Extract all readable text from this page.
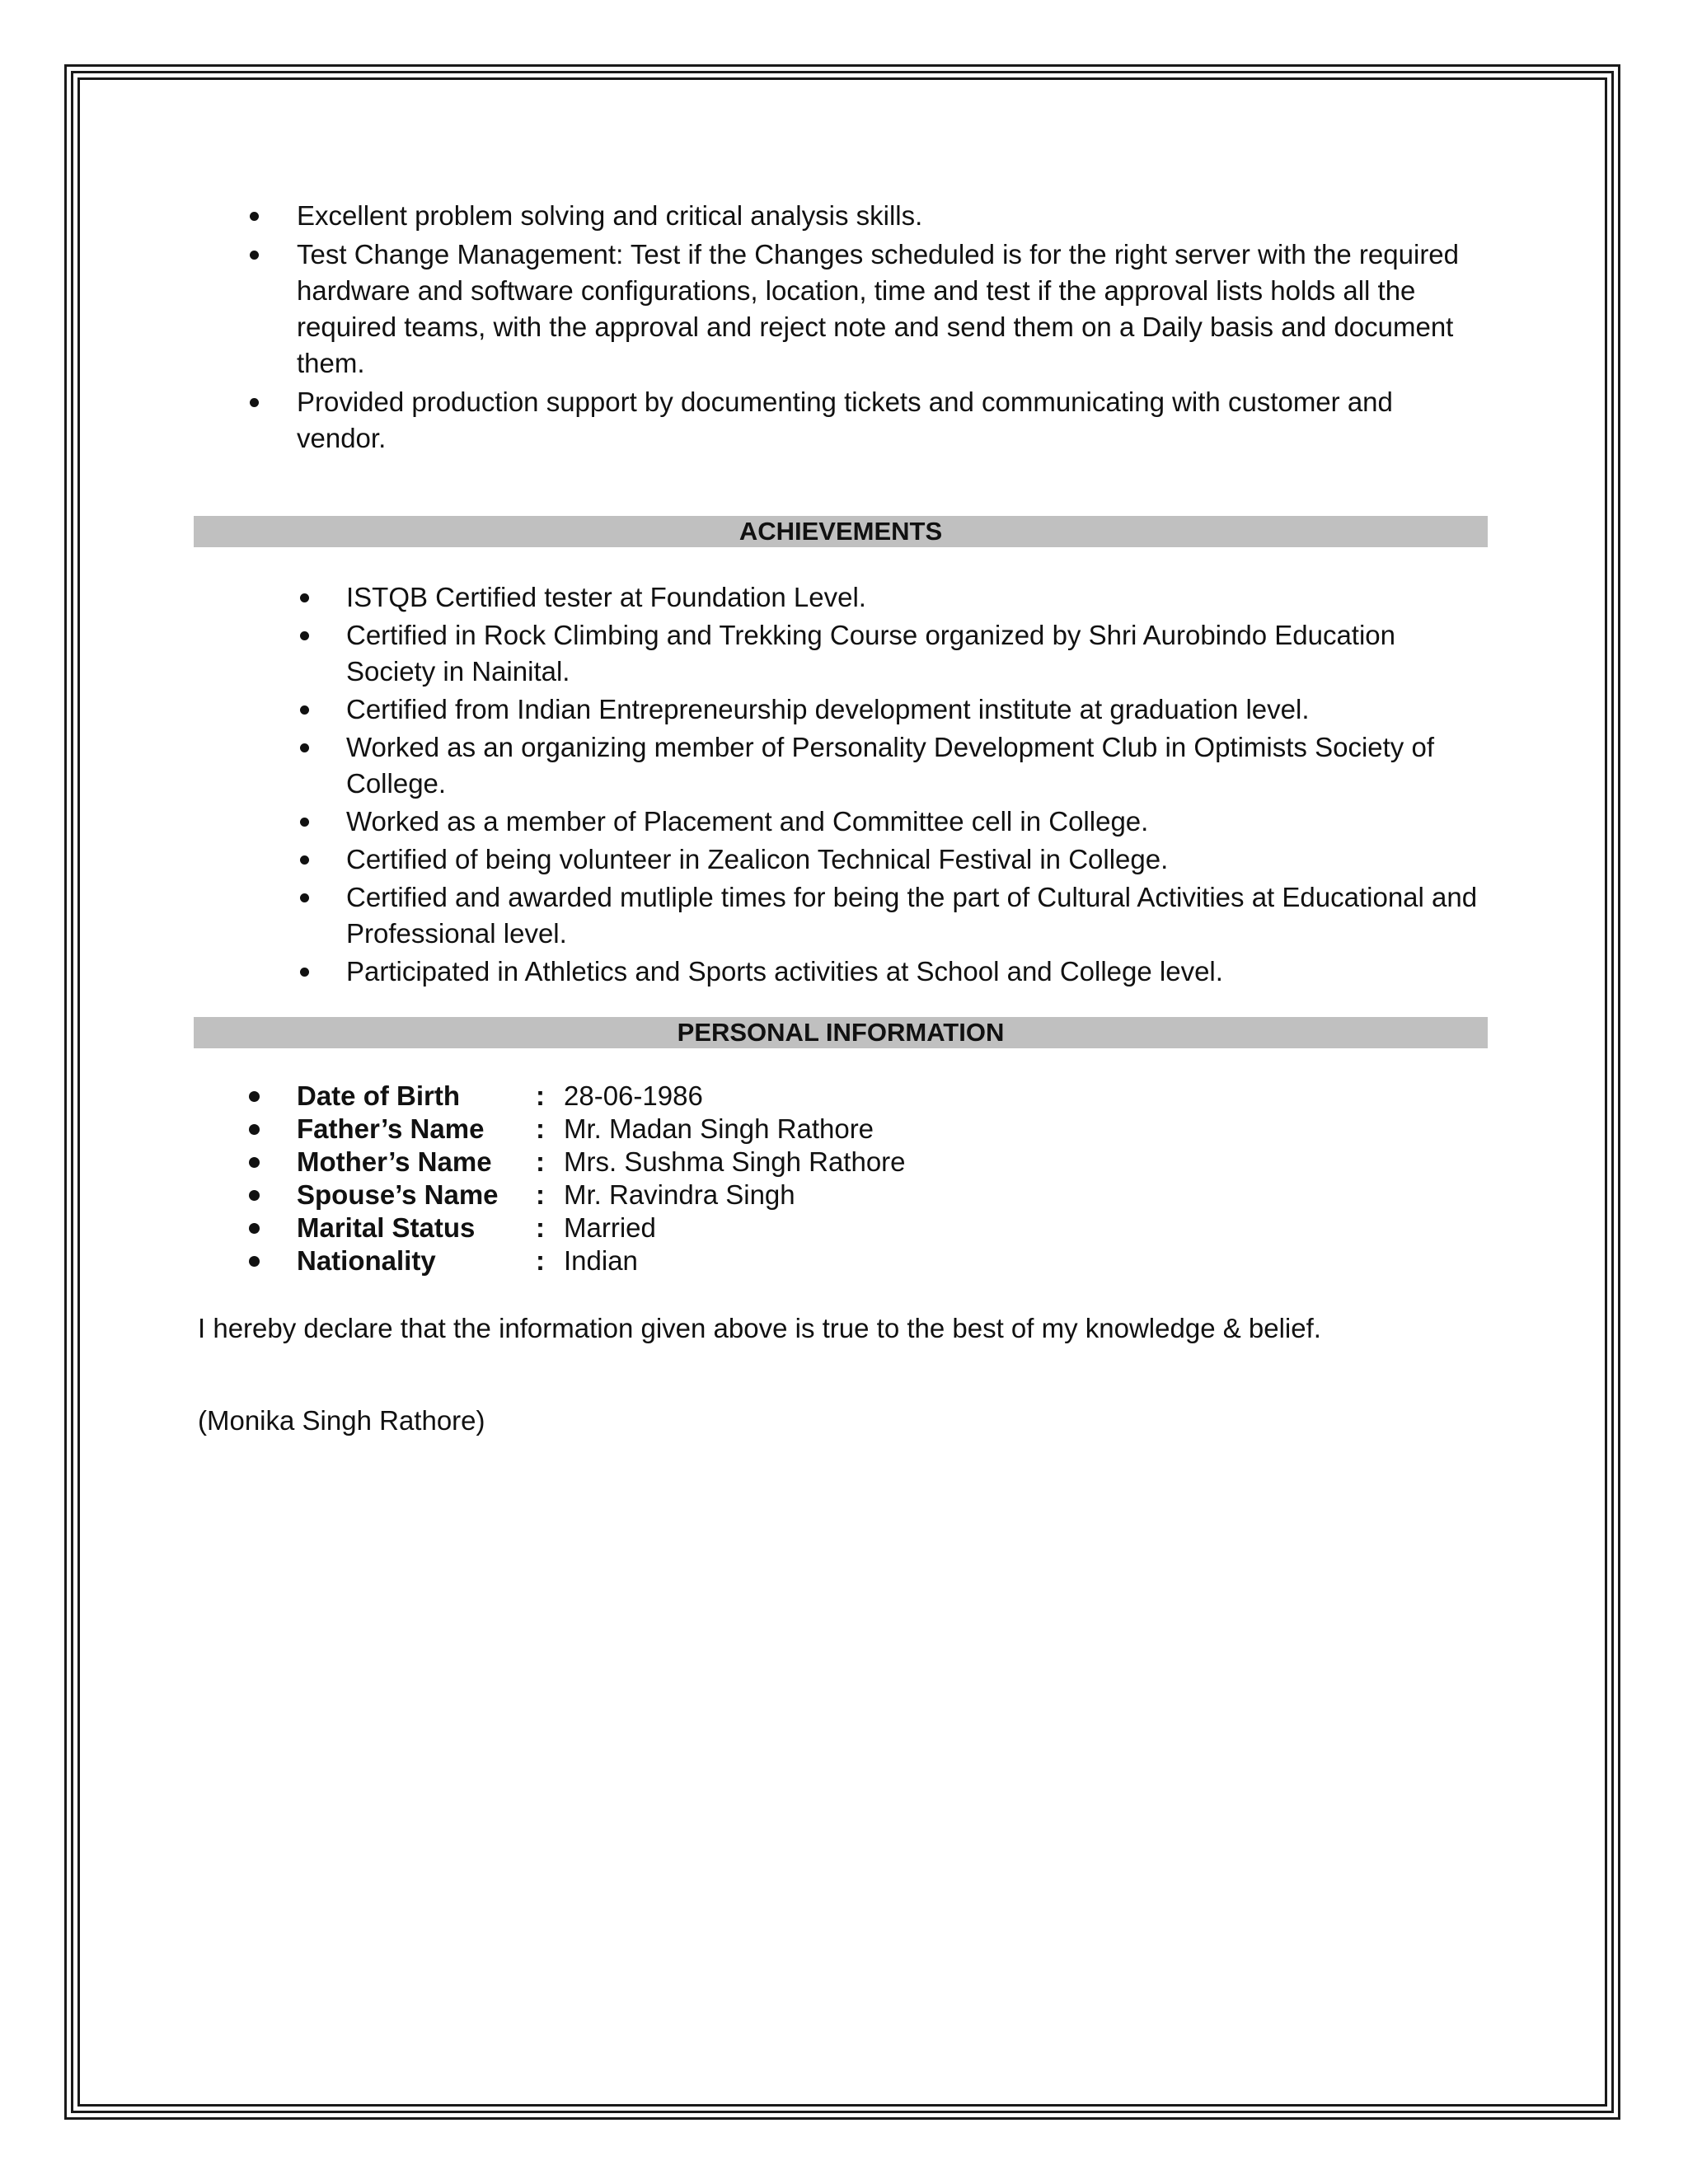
Excellent problem solving and critical analysis skills.
Test Change Management: Test if the Changes scheduled is for the right server with the required hardware and software configurations, location, time and test if the approval lists holds all the required teams, with the approval and reject note and send them on a Daily basis and document them.
Provided production support by documenting tickets and communicating with customer and vendor.
ACHIEVEMENTS
ISTQB Certified tester at Foundation Level.
Certified in Rock Climbing and Trekking Course organized by Shri Aurobindo Education Society in Nainital.
Certified from Indian Entrepreneurship development institute at graduation level.
Worked as an organizing member of Personality Development Club in Optimists Society of College.
Worked as a member of Placement and Committee cell in College.
Certified of being volunteer in Zealicon Technical Festival in College.
Certified and awarded mutliple times for being the part of Cultural Activities at Educational and Professional level.
Participated in Athletics and Sports activities at School and College level.
PERSONAL INFORMATION
Date of Birth	: 28-06-1986
Father’s Name : Mr. Madan Singh Rathore
Mother’s Name : Mrs. Sushma Singh Rathore
Spouse’s Name : Mr. Ravindra Singh
Marital Status : Married
Nationality	: Indian
I hereby declare that the information given above is true to the best of my knowledge & belief.
(Monika Singh Rathore)
